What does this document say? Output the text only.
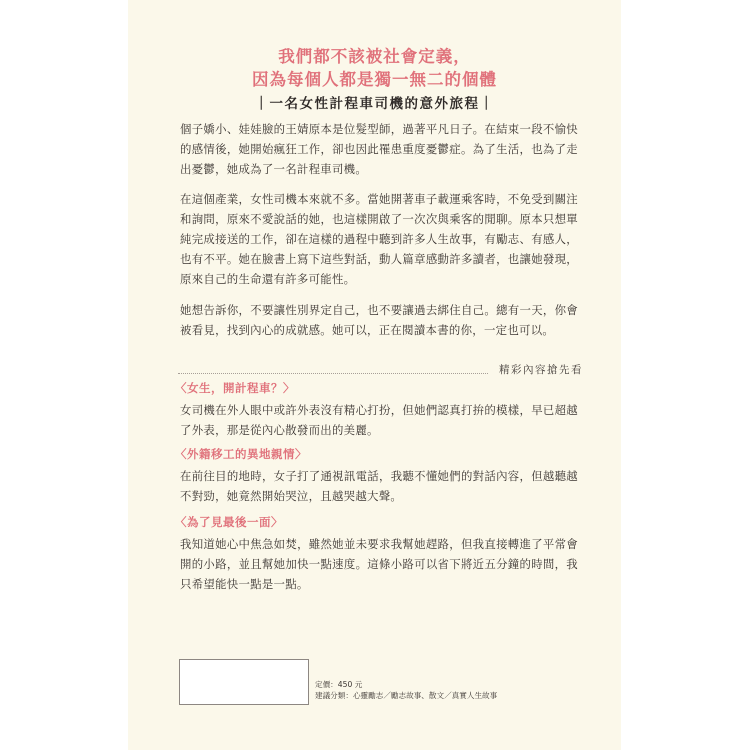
我們都不該被社會定義，
因為每個人都是獨一無二的個體
｜一名女性計程車司機的意外旅程｜

個子嬌小、娃娃臉的王婧原本是位髮型師，過著平凡日子。在結束一段不愉快的感情後，她開始瘋狂工作，卻也因此罹患重度憂鬱症。為了生活，也為了走出憂鬱，她成為了一名計程車司機。

在這個產業，女性司機本來就不多。當她開著車子載運乘客時，不免受到關注和詢問，原來不愛說話的她，也這樣開啟了一次次與乘客的閒聊。原本只想單純完成接送的工作，卻在這樣的過程中聽到許多人生故事，有勵志、有感人，也有不平。她在臉書上寫下這些對話，動人篇章感動許多讀者，也讓她發現，原來自己的生命還有許多可能性。

她想告訴你，不要讓性別界定自己，也不要讓過去綁住自己。總有一天，你會被看見，找到內心的成就感。她可以，正在閱讀本書的你，一定也可以。

精彩內容搶先看
〈女生，開計程車？〉

女司機在外人眼中或許外表沒有精心打扮，但她們認真打拚的模樣，早已超越了外表，那是從內心散發而出的美麗。

〈外籍移工的異地親情〉

在前往目的地時，女子打了通視訊電話，我聽不懂她們的對話內容，但越聽越不對勁，她竟然開始哭泣，且越哭越大聲。

〈為了見最後一面〉

我知道她心中焦急如焚，雖然她並未要求我幫她趕路，但我直接轉進了平常會開的小路，並且幫她加快一點速度。這條小路可以省下將近五分鐘的時間，我只希望能快一點是一點。

定價：450 元
建議分類：心靈勵志／勵志故事、散文／真實人生故事
